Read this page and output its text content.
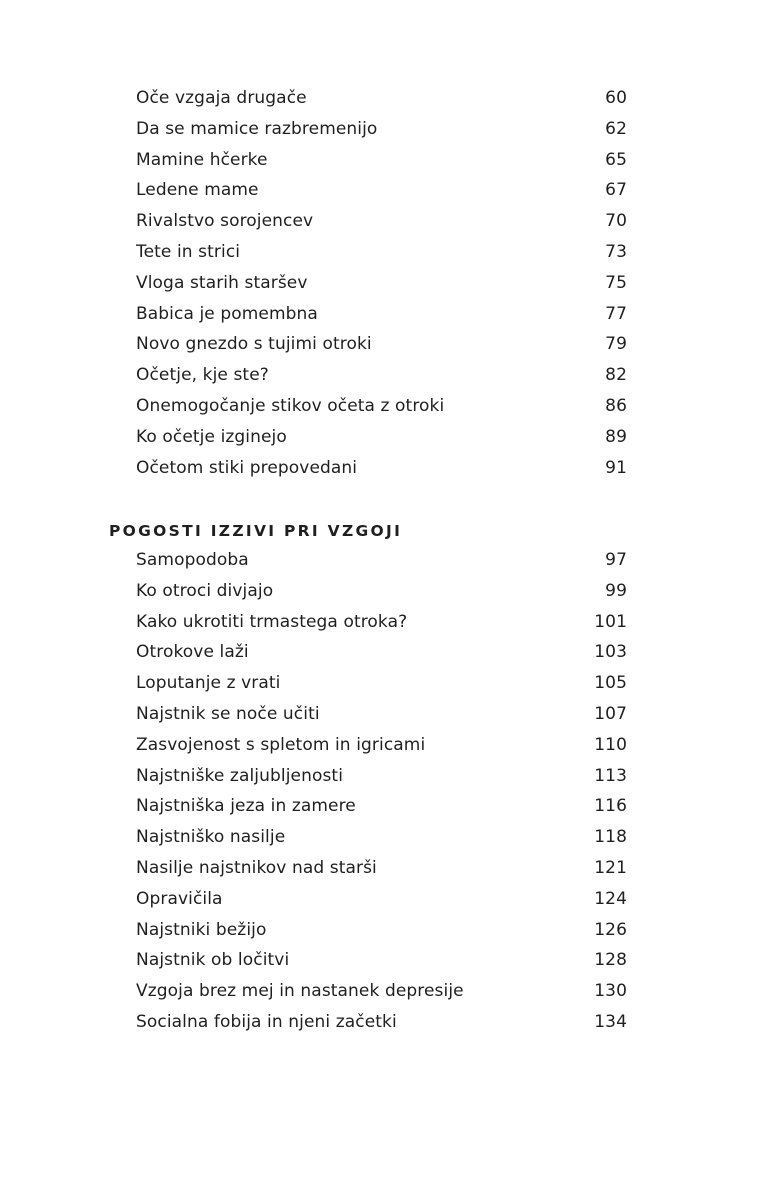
Oče vzgaja drugače	60
Da se mamice razbremenijo	62
Mamine hčerke	65
Ledene mame	67
Rivalstvo sorojencev	70
Tete in strici	73
Vloga starih staršev	75
Babica je pomembna	77
Novo gnezdo s tujimi otroki	79
Očetje, kje ste?	82
Onemogočanje stikov očeta z otroki	86
Ko očetje izginejo	89
Očetom stiki prepovedani	91
POGOSTI IZZIVI PRI VZGOJI
Samopodoba	97
Ko otroci divjajo	99
Kako ukrotiti trmastega otroka?	101
Otrokove laži	103
Loputanje z vrati	105
Najstnik se noče učiti	107
Zasvojenost s spletom in igricami	110
Najstniške zaljubljenosti	113
Najstniška jeza in zamere	116
Najstniško nasilje	118
Nasilje najstnikov nad starši	121
Opravičila	124
Najstniki bežijo	126
Najstnik ob ločitvi	128
Vzgoja brez mej in nastanek depresije	130
Socialna fobija in njeni začetki	134
